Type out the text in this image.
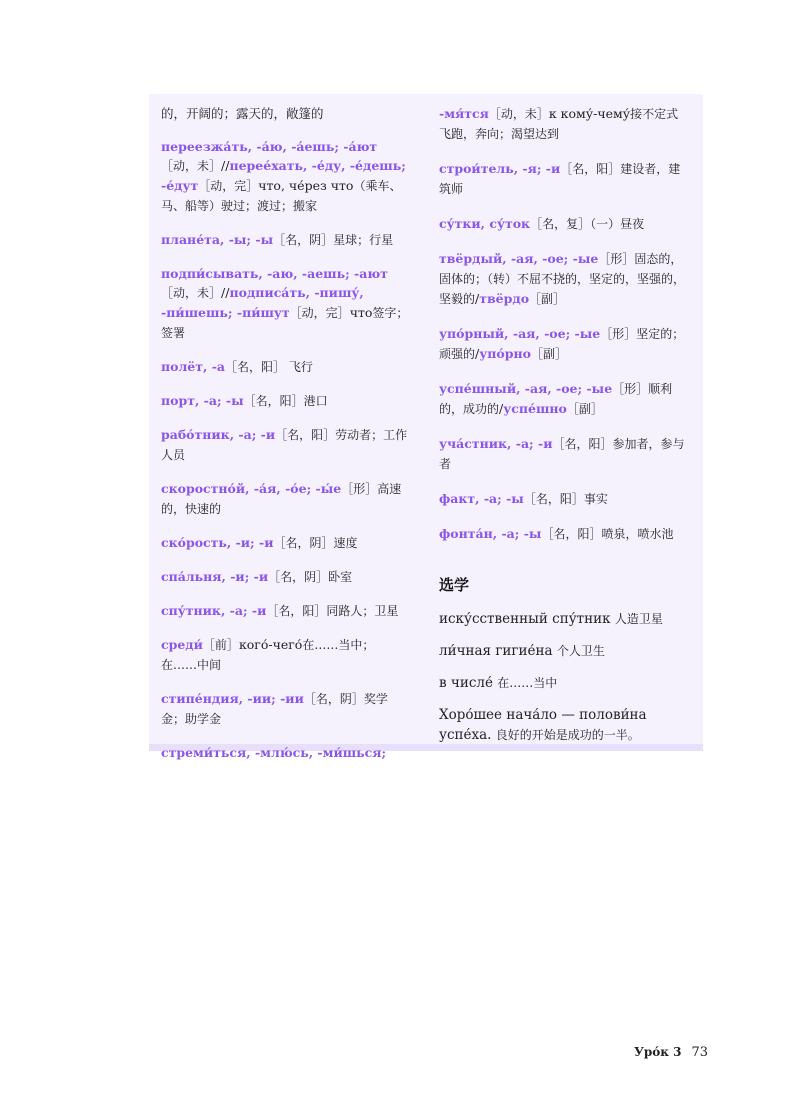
的，开阔的；露天的，敞篷的
переезжа́ть, -а́ю, -а́ешь; -а́ют［动，未］//перее́хать, -е́ду, -е́дешь; -е́дут［动，完］что, че́рез что（乘车、马、船等）驶过；渡过；搬家
плане́та, -ы; -ы［名，阴］星球；行星
подпи́сывать, -аю, -аешь; -ают［动，未］//подписа́ть, -пишу́, -пи́шешь; -пи́шут［动，完］что签字；签署
полёт, -а［名，阳］ 飞行
порт, -а; -ы［名，阳］港口
рабо́тник, -а; -и［名，阳］劳动者；工作人员
скоростно́й, -а́я, -о́е; -ы́е［形］高速的，快速的
ско́рость, -и; -и［名，阴］速度
спа́льня, -и; -и［名，阴］卧室
спу́тник, -а; -и［名，阳］同路人；卫星
среди́［前］кого́-чего́在……当中；在……中间
стипе́ндия, -ии; -ии［名，阴］奖学金；助学金
стреми́ться, -млю́сь, -ми́шься;
-мя́тся［动，未］к кому́-чему́接不定式 飞跑，奔向；渴望达到
строи́тель, -я; -и［名，阳］建设者，建筑师
су́тки, су́ток［名，复］（一）昼夜
твёрдый, -ая, -ое; -ые［形］固态的，固体的；（转）不屈不挠的，坚定的，坚强的，坚毅的/твёрдо［副］
упо́рный, -ая, -ое; -ые［形］坚定的；顽强的/упо́рно［副］
успе́шный, -ая, -ое; -ые［形］顺利的，成功的/успе́шно［副］
уча́стник, -а; -и［名，阳］参加者，参与者
факт, -а; -ы［名，阳］事实
фонта́н, -а; -ы［名，阳］喷泉，喷水池
选学
иску́сственный спу́тник 人造卫星
ли́чная гигие́на 个人卫生
в числе́ 在……当中
Хоро́шее нача́ло — полови́на успе́ха. 良好的开始是成功的一半。
Уро́к 3 73
